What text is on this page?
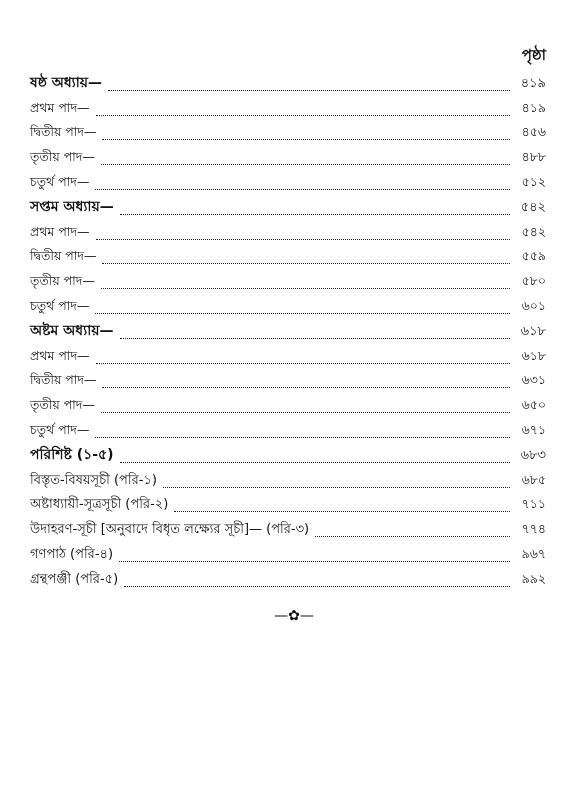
পৃষ্ঠা
ষষ্ঠ অধ্যায়—	৪১৯
প্রথম পাদ—	৪১৯
দ্বিতীয় পাদ—	৪৫৬
তৃতীয় পাদ—	৪৮৮
চতুর্থ পাদ—	৫১২
সপ্তম অধ্যায়—	৫৪২
প্রথম পাদ—	৫৪২
দ্বিতীয় পাদ—	৫৫৯
তৃতীয় পাদ—	৫৮০
চতুর্থ পাদ—	৬০১
অষ্টম অধ্যায়—	৬১৮
প্রথম পাদ—	৬১৮
দ্বিতীয় পাদ—	৬৩১
তৃতীয় পাদ—	৬৫০
চতুর্থ পাদ—	৬৭১
পরিশিষ্ট (১-৫)	৬৮৩
বিস্তৃত-বিষয়সূচী (পরি-১)	৬৮৫
অষ্টাধ্যায়ী-সূত্রসূচী (পরি-২)	৭১১
উদাহরণ-সূচী [অনুবাদে বিধৃত লক্ষ্যের সূচী]— (পরি-৩)	৭৭৪
গণপাঠ (পরি-৪)	৯৬৭
গ্রন্থপঞ্জী (পরি-৫)	৯৯২
—✿—
